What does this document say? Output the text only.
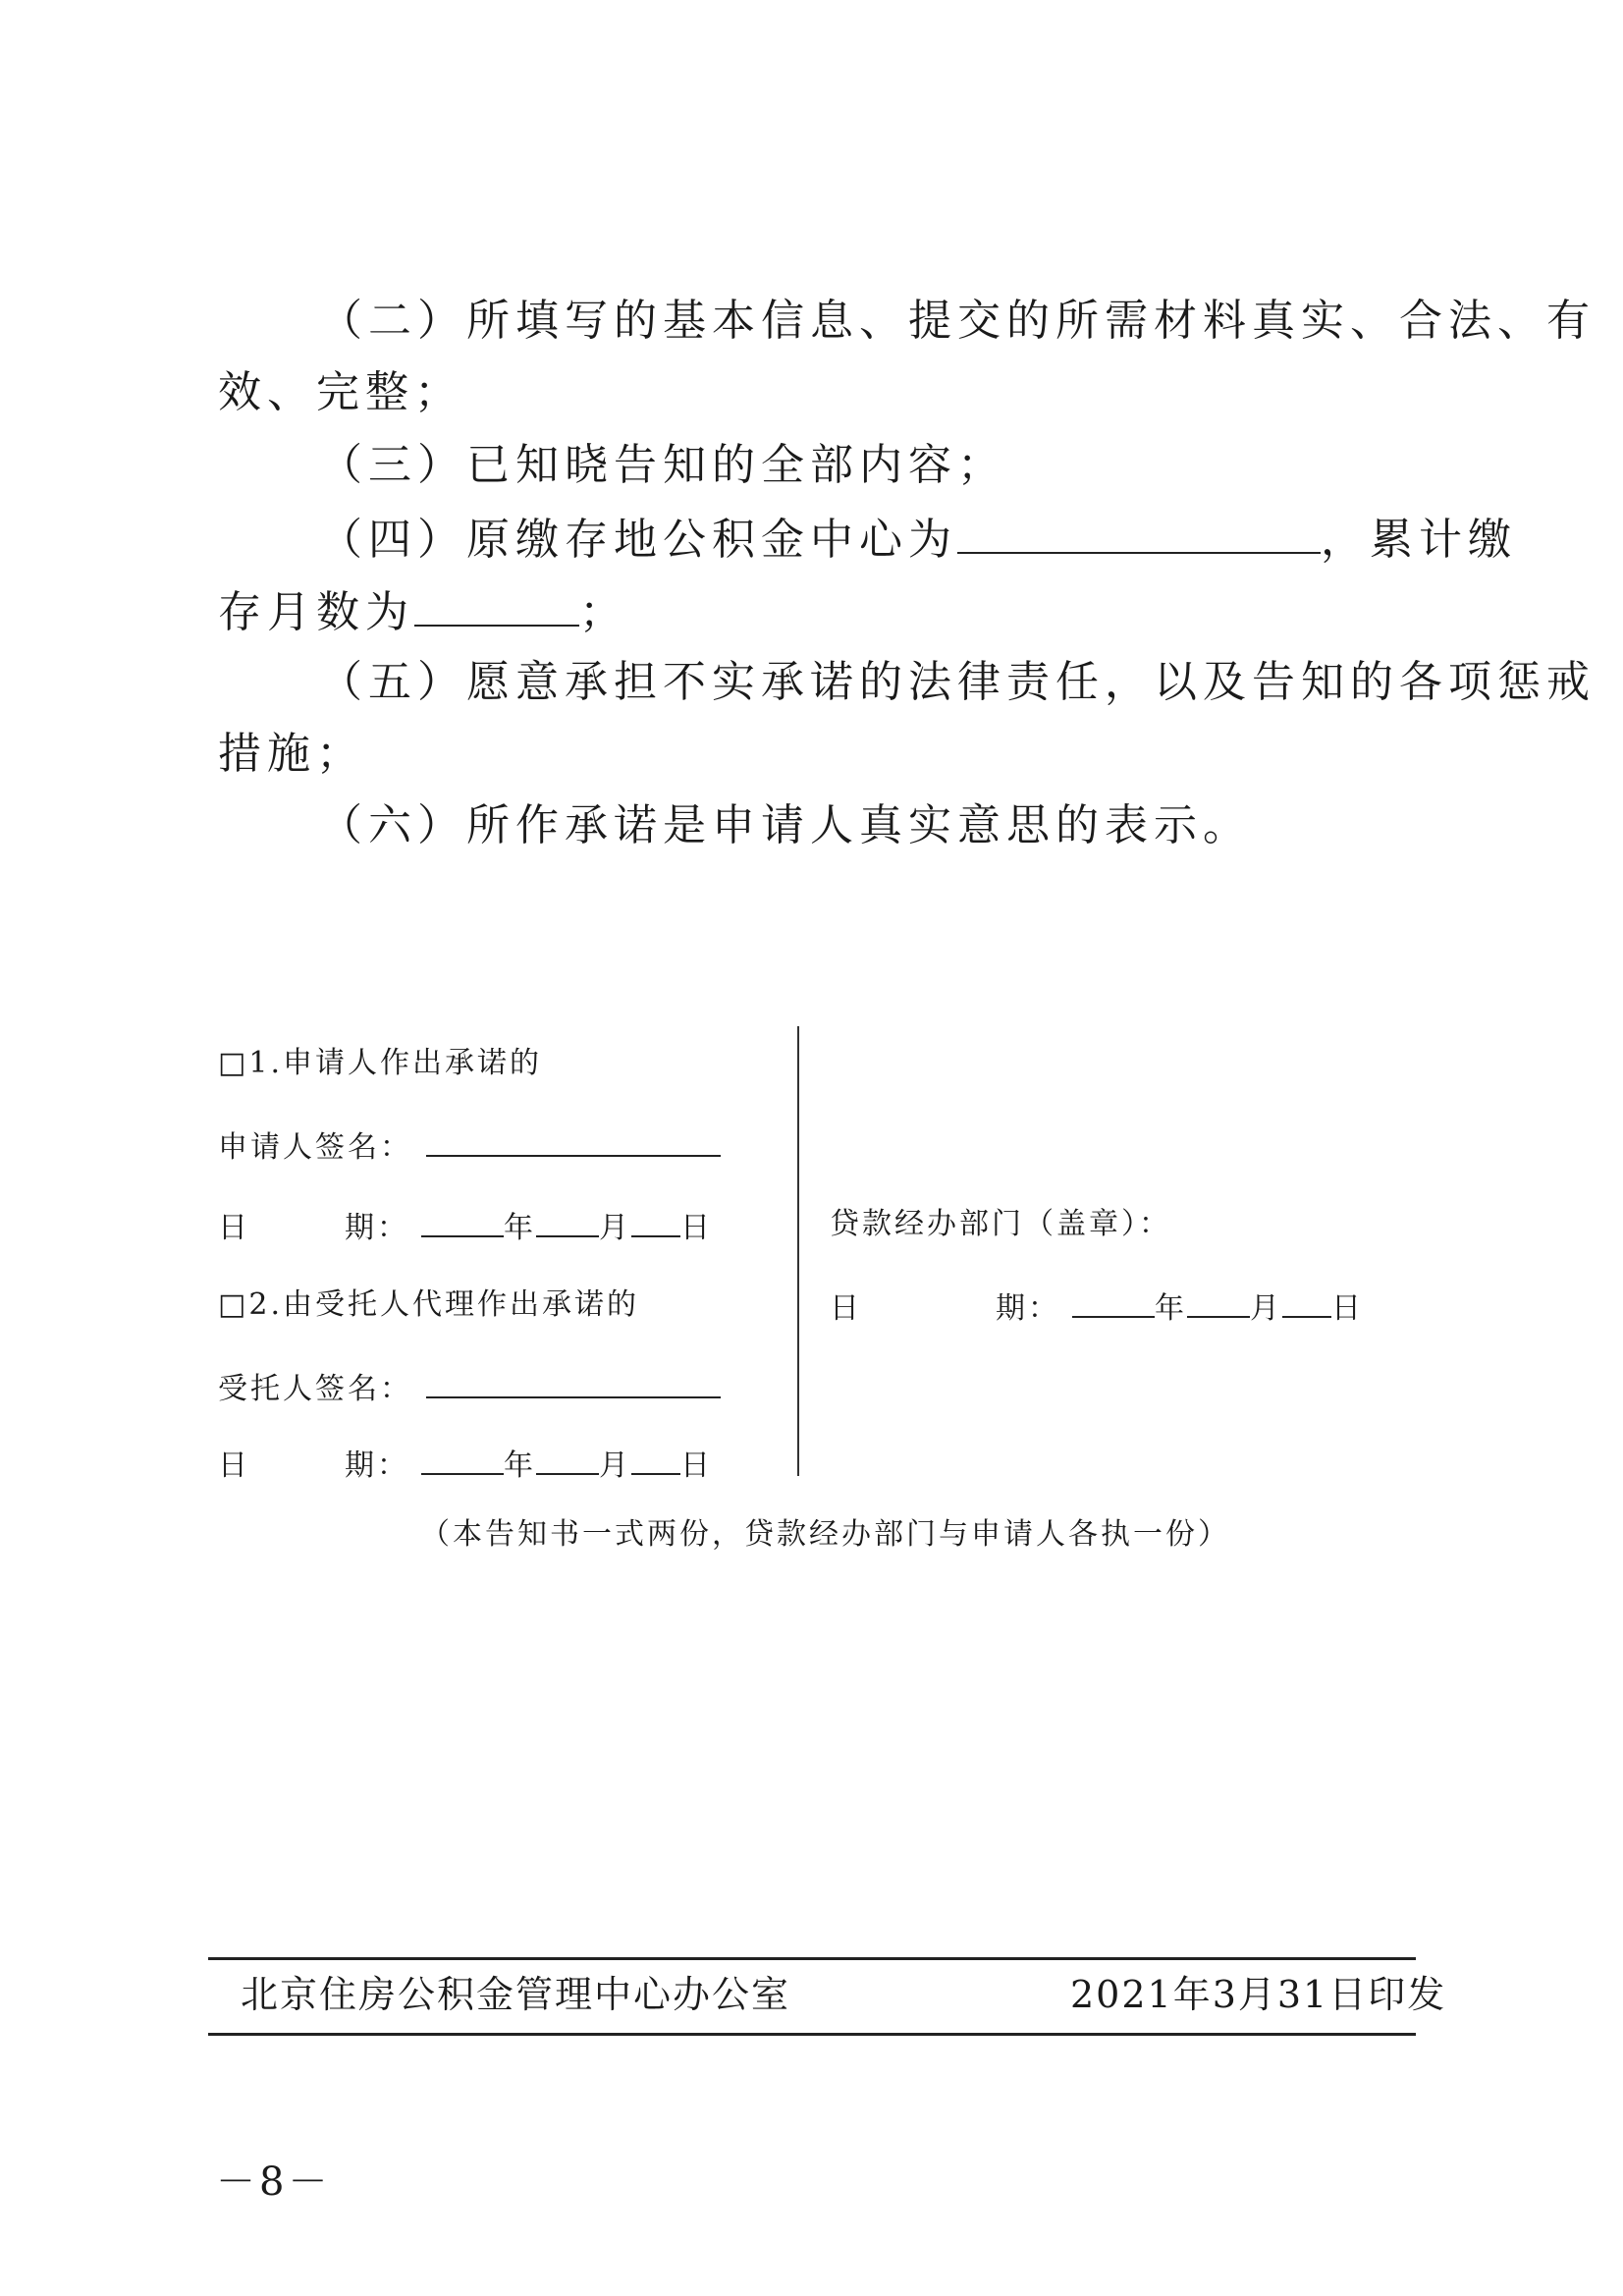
（二）所填写的基本信息、提交的所需材料真实、合法、有
效、完整；
（三）已知晓告知的全部内容；
（四）原缴存地公积金中心为	，累计缴
存月数为	；
（五）愿意承担不实承诺的法律责任，以及告知的各项惩戒
措施；
（六）所作承诺是申请人真实意思的表示。
□1.申请人作出承诺的
申请人签名：
日	期：	年 月 日
□2.由受托人代理作出承诺的
受托人签名：
日	期：	年 月 日
贷款经办部门（盖章）：
日	期：	年 月 日
（本告知书一式两份，贷款经办部门与申请人各执一份）
北京住房公积金管理中心办公室	2021年3月31日印发
－8－
